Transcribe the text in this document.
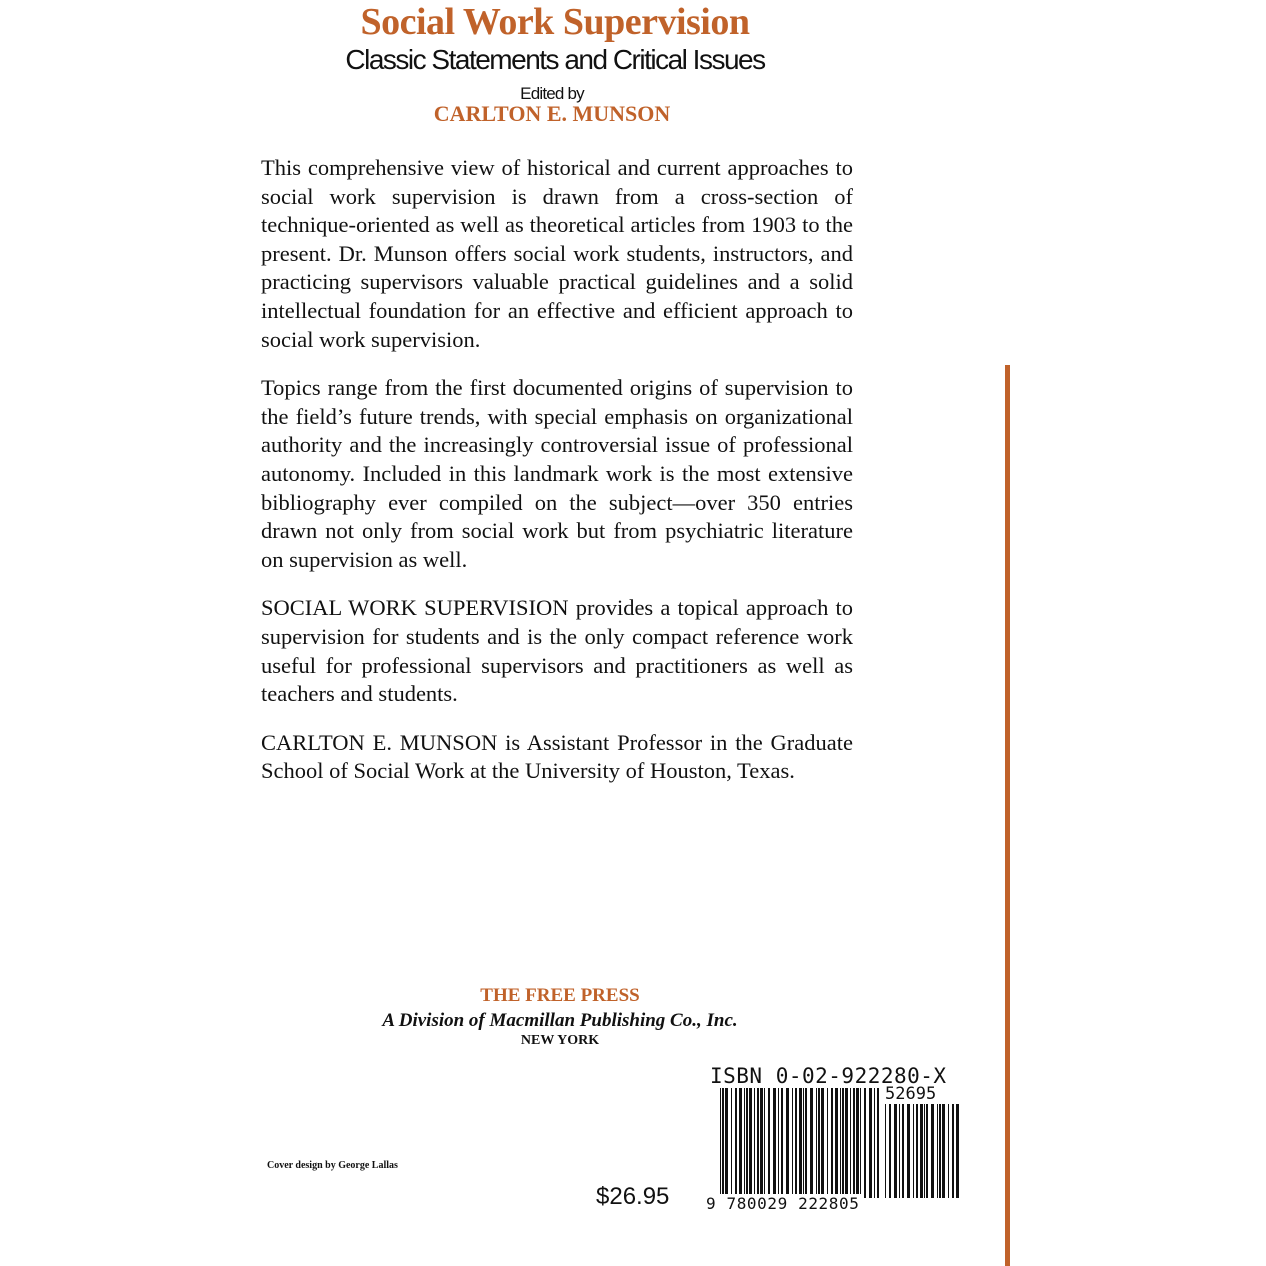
Social Work Supervision
Classic Statements and Critical Issues
Edited by
CARLTON E. MUNSON

This comprehensive view of historical and current approaches to social work supervision is drawn from a cross-section of technique-oriented as well as theoretical articles from 1903 to the present. Dr. Munson offers social work students, instructors, and practicing supervisors valuable practical guidelines and a solid intellectual foundation for an effective and efficient approach to social work supervision.

Topics range from the first documented origins of supervision to the field’s future trends, with special emphasis on organizational authority and the increasingly controversial issue of professional autonomy. Included in this landmark work is the most extensive bibliography ever compiled on the subject—over 350 entries drawn not only from social work but from psychiatric literature on supervision as well.

SOCIAL WORK SUPERVISION provides a topical approach to supervision for students and is the only compact reference work useful for professional supervisors and practitioners as well as teachers and students.

CARLTON E. MUNSON is Assistant Professor in the Graduate School of Social Work at the University of Houston, Texas.

THE FREE PRESS
A Division of Macmillan Publishing Co., Inc.
NEW YORK
ISBN 0-02-922280-X
52695
9 780029 222805
$26.95
Cover design by George Lallas
